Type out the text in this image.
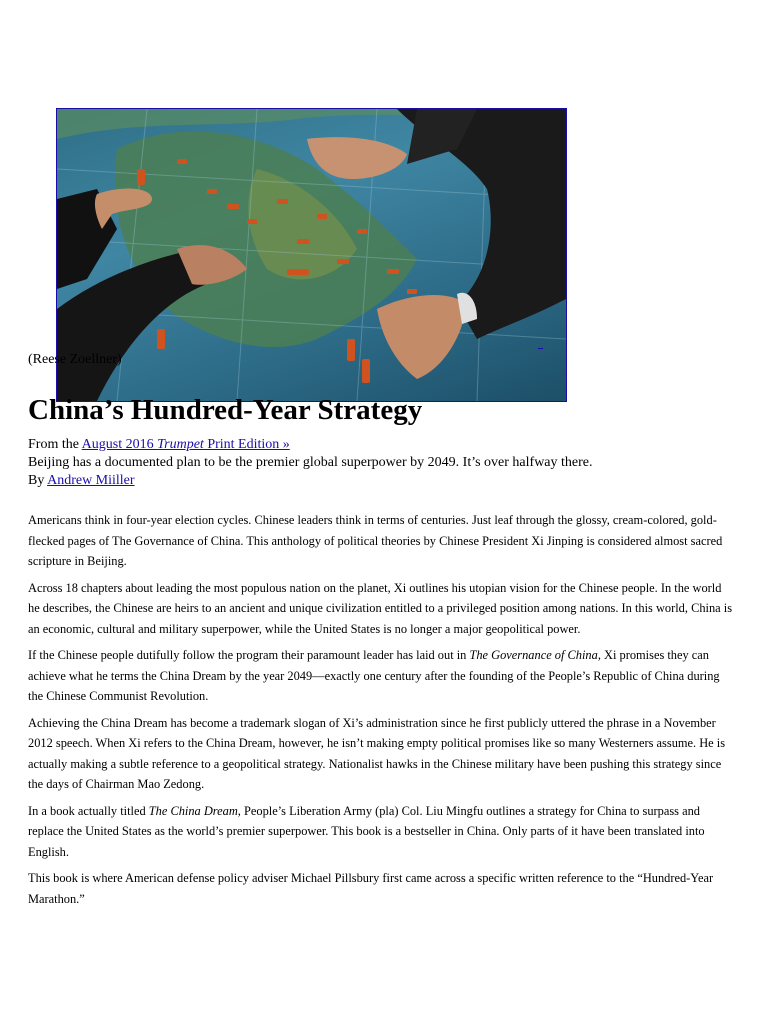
(Reese Zoellner)
China’s Hundred-Year Strategy
From the August 2016 Trumpet Print Edition »
Beijing has a documented plan to be the premier global superpower by 2049. It’s over halfway there.
By Andrew Miiller

Americans think in four-year election cycles. Chinese leaders think in terms of centuries. Just leaf through the glossy, cream-colored, gold-flecked pages of The Governance of China. This anthology of political theories by Chinese President Xi Jinping is considered almost sacred scripture in Beijing.

Across 18 chapters about leading the most populous nation on the planet, Xi outlines his utopian vision for the Chinese people. In the world he describes, the Chinese are heirs to an ancient and unique civilization entitled to a privileged position among nations. In this world, China is an economic, cultural and military superpower, while the United States is no longer a major geopolitical power.

If the Chinese people dutifully follow the program their paramount leader has laid out in The Governance of China, Xi promises they can achieve what he terms the China Dream by the year 2049—exactly one century after the founding of the People’s Republic of China during the Chinese Communist Revolution.

Achieving the China Dream has become a trademark slogan of Xi’s administration since he first publicly uttered the phrase in a November 2012 speech. When Xi refers to the China Dream, however, he isn’t making empty political promises like so many Westerners assume. He is actually making a subtle reference to a geopolitical strategy. Nationalist hawks in the Chinese military have been pushing this strategy since the days of Chairman Mao Zedong.

In a book actually titled The China Dream, People’s Liberation Army (pla) Col. Liu Mingfu outlines a strategy for China to surpass and replace the United States as the world’s premier superpower. This book is a bestseller in China. Only parts of it have been translated into English.

This book is where American defense policy adviser Michael Pillsbury first came across a specific written reference to the “Hundred-Year Marathon.”
